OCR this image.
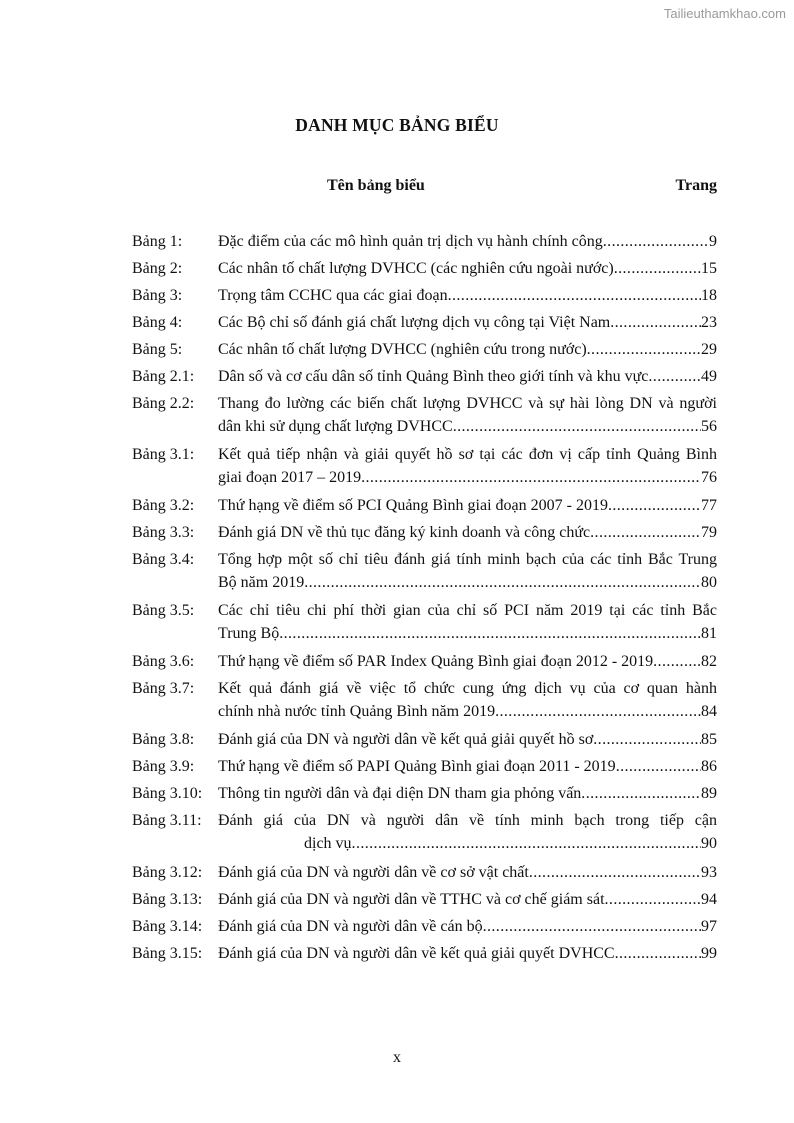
Tailieuthamkhao.com
DANH MỤC BẢNG BIỂU
Tên bảng biểu	Trang
Bảng 1:	Đặc điểm của các mô hình quản trị dịch vụ hành chính công .....	9
Bảng 2:	Các nhân tố chất lượng DVHCC (các nghiên cứu ngoài nước) .....	15
Bảng 3:	Trọng tâm CCHC qua các giai đoạn .....	18
Bảng 4:	Các Bộ chỉ số đánh giá chất lượng dịch vụ công tại Việt Nam .....	23
Bảng 5:	Các nhân tố chất lượng DVHCC (nghiên cứu trong nước) .....	29
Bảng 2.1:	Dân số và cơ cấu dân số tỉnh Quảng Bình theo giới tính và khu vực .....	49
Bảng 2.2:	Thang đo lường các biến chất lượng DVHCC và sự hài lòng DN và người
dân khi sử dụng chất lượng DVHCC .....	56
Bảng 3.1:	Kết quả tiếp nhận và giải quyết hồ sơ tại các đơn vị cấp tỉnh Quảng Bình
giai đoạn 2017 – 2019 .....	76
Bảng 3.2:	Thứ hạng về điểm số PCI Quảng Bình giai đoạn 2007 - 2019 .....	77
Bảng 3.3:	Đánh giá DN về thủ tục đăng ký kinh doanh và công chức .....	79
Bảng 3.4:	Tổng hợp một số chỉ tiêu đánh giá tính minh bạch của các tỉnh Bắc Trung
Bộ năm 2019 .....	80
Bảng 3.5:	Các chỉ tiêu chi phí thời gian của chỉ số PCI năm 2019 tại các tỉnh Bắc
Trung Bộ .....	81
Bảng 3.6:	Thứ hạng về điểm số PAR Index Quảng Bình giai đoạn 2012 - 2019 .....	82
Bảng 3.7:	Kết quả đánh giá về việc tổ chức cung ứng dịch vụ của cơ quan hành
chính nhà nước tỉnh Quảng Bình năm 2019 .....	84
Bảng 3.8:	Đánh giá của DN và người dân về kết quả giải quyết hồ sơ .....	85
Bảng 3.9:	Thứ hạng về điểm số PAPI Quảng Bình giai đoạn 2011 - 2019 .....	86
Bảng 3.10: Thông tin người dân và đại diện DN tham gia phỏng vấn .....	89
Bảng 3.11:	Đánh giá của DN và người dân về tính minh bạch trong tiếp cận
dịch vụ .....	90
Bảng 3.12: Đánh giá của DN và người dân về cơ sở vật chất .....	93
Bảng 3.13: Đánh giá của DN và người dân về TTHC và cơ chế giám sát .....	94
Bảng 3.14: Đánh giá của DN và người dân về cán bộ .....	97
Bảng 3.15: Đánh giá của DN và người dân về kết quả giải quyết DVHCC .....	99
x
